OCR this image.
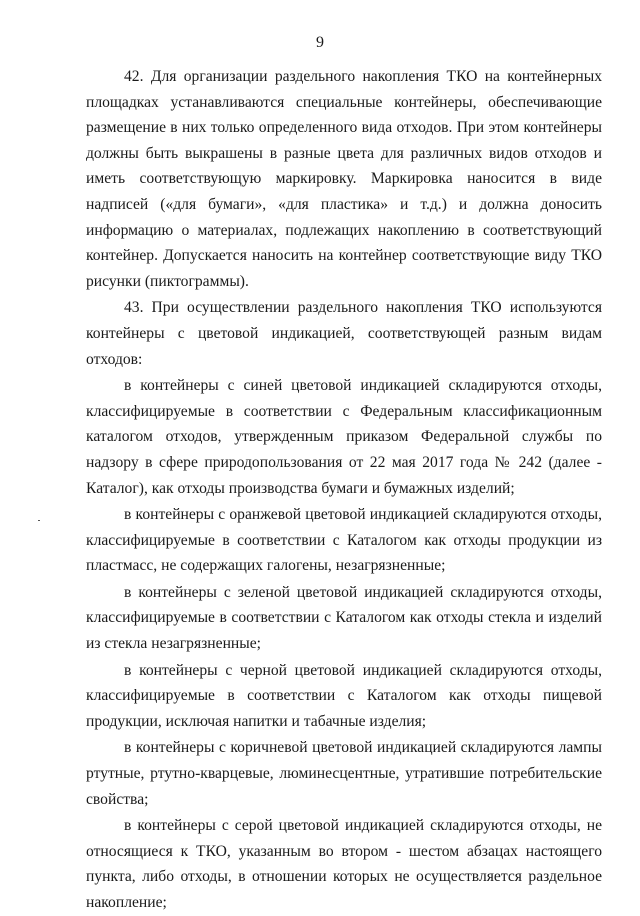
9

42. Для организации раздельного накопления ТКО на контейнерных площадках устанавливаются специальные контейнеры, обеспечивающие размещение в них только определенного вида отходов. При этом контейнеры должны быть выкрашены в разные цвета для различных видов отходов и иметь соответствующую маркировку. Маркировка наносится в виде надписей («для бумаги», «для пластика» и т.д.) и должна доносить информацию о материалах, подлежащих накоплению в соответствующий контейнер. Допускается наносить на контейнер соответствующие виду ТКО рисунки (пиктограммы).

43. При осуществлении раздельного накопления ТКО используются контейнеры с цветовой индикацией, соответствующей разным видам отходов:

в контейнеры с синей цветовой индикацией складируются отходы, классифицируемые в соответствии с Федеральным классификационным каталогом отходов, утвержденным приказом Федеральной службы по надзору в сфере природопользования от 22 мая 2017 года № 242 (далее - Каталог), как отходы производства бумаги и бумажных изделий;

в контейнеры с оранжевой цветовой индикацией складируются отходы, классифицируемые в соответствии с Каталогом как отходы продукции из пластмасс, не содержащих галогены, незагрязненные;

в контейнеры с зеленой цветовой индикацией складируются отходы, классифицируемые в соответствии с Каталогом как отходы стекла и изделий из стекла незагрязненные;

в контейнеры с черной цветовой индикацией складируются отходы, классифицируемые в соответствии с Каталогом как отходы пищевой продукции, исключая напитки и табачные изделия;

в контейнеры с коричневой цветовой индикацией складируются лампы ртутные, ртутно-кварцевые, люминесцентные, утратившие потребительские свойства;

в контейнеры с серой цветовой индикацией складируются отходы, не относящиеся к ТКО, указанным во втором - шестом абзацах настоящего пункта, либо отходы, в отношении которых не осуществляется раздельное накопление;
